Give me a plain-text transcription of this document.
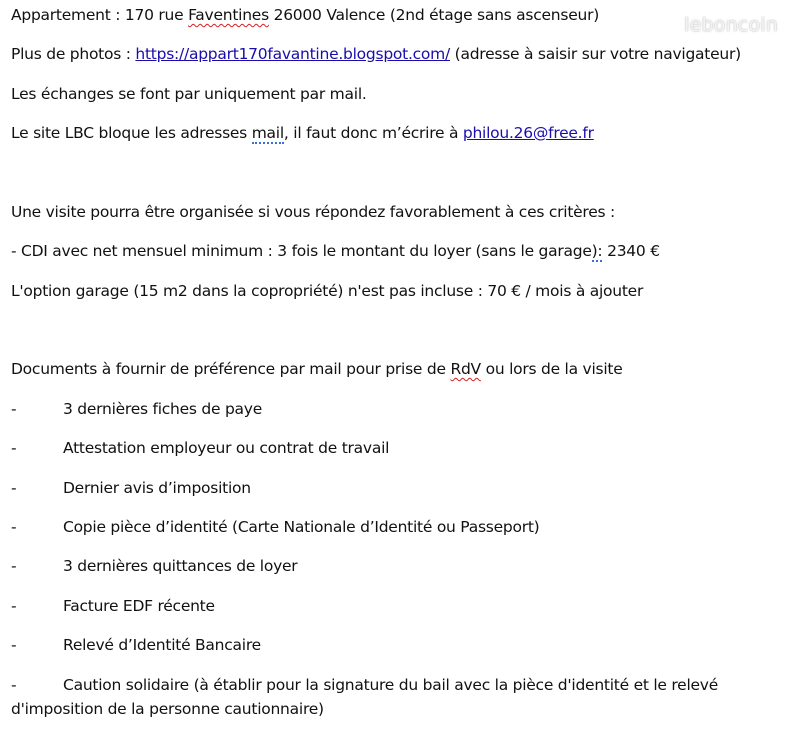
leboncoin
Appartement : 170 rue Faventines 26000 Valence (2nd étage sans ascenseur)
Plus de photos : https://appart170favantine.blogspot.com/ (adresse à saisir sur votre navigateur)
Les échanges se font par uniquement par mail.
Le site LBC bloque les adresses mail, il faut donc m’écrire à philou.26@free.fr
Une visite pourra être organisée si vous répondez favorablement à ces critères :
- CDI avec net mensuel minimum : 3 fois le montant du loyer (sans le garage): 2340 €
L'option garage (15 m2 dans la copropriété) n'est pas incluse : 70 € / mois à ajouter
Documents à fournir de préférence par mail pour prise de RdV ou lors de la visite
-	3 dernières fiches de paye
-	Attestation employeur ou contrat de travail
-	Dernier avis d’imposition
-	Copie pièce d’identité (Carte Nationale d’Identité ou Passeport)
-	3 dernières quittances de loyer
-	Facture EDF récente
-	Relevé d’Identité Bancaire
-	Caution solidaire (à établir pour la signature du bail avec la pièce d'identité et le relevé
d'imposition de la personne cautionnaire)
